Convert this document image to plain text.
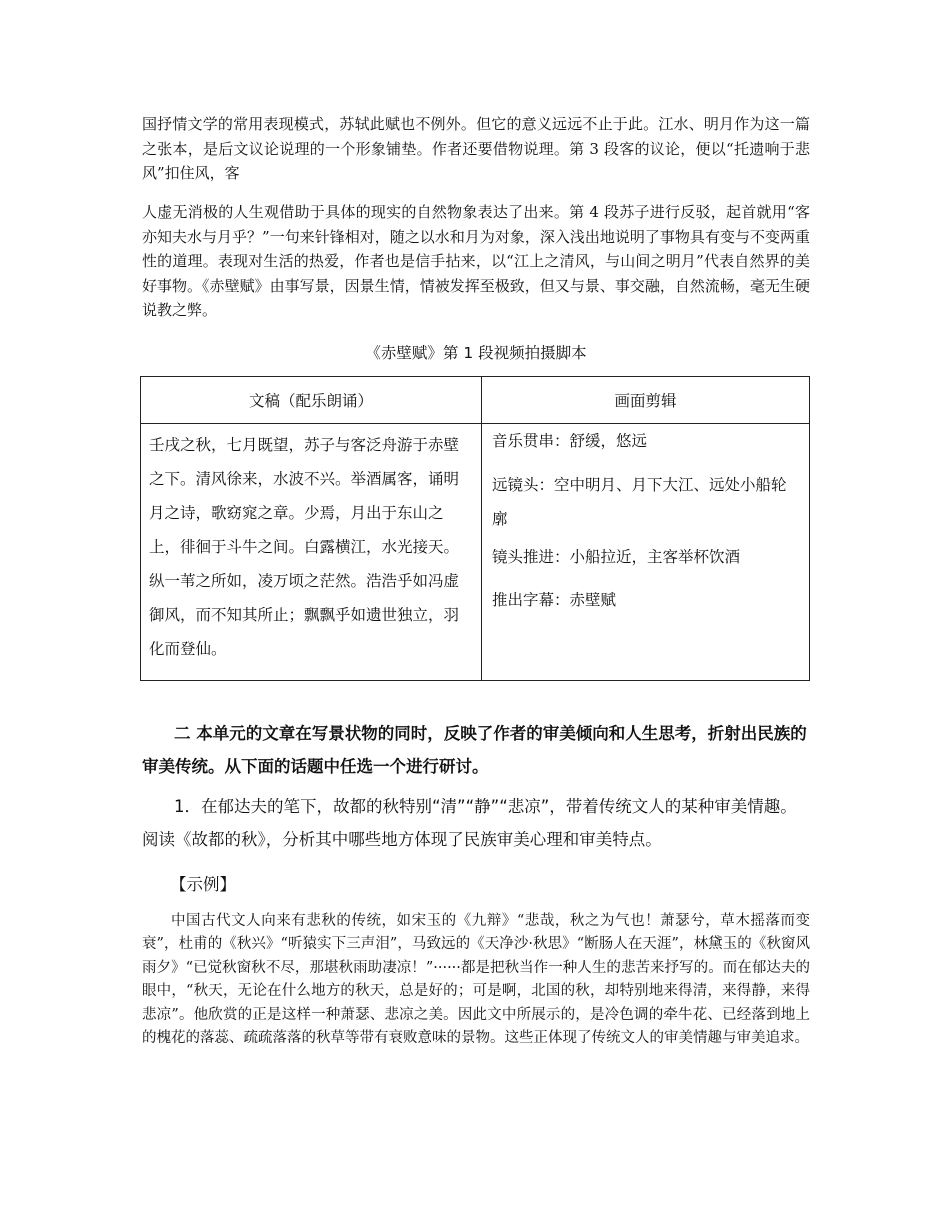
国抒情文学的常用表现模式，苏轼此赋也不例外。但它的意义远远不止于此。江水、明月作为这一篇之张本，是后文议论说理的一个形象铺垫。作者还要借物说理。第 3 段客的议论，便以“托遗响于悲风”扣住风，客

人虚无消极的人生观借助于具体的现实的自然物象表达了出来。第 4 段苏子进行反驳，起首就用“客亦知夫水与月乎？”一句来针锋相对，随之以水和月为对象，深入浅出地说明了事物具有变与不变两重性的道理。表现对生活的热爱，作者也是信手拈来，以“江上之清风，与山间之明月”代表自然界的美好事物。《赤壁赋》由事写景，因景生情，情被发挥至极致，但又与景、事交融，自然流畅，毫无生硬说教之弊。

《赤壁赋》第 1 段视频拍摄脚本
文稿（配乐朗诵）	画面剪辑
壬戌之秋，七月既望，苏子与客泛舟游于赤壁之下。清风徐来，水波不兴。举酒属客，诵明月之诗，歌窈窕之章。少焉，月出于东山之上，徘徊于斗牛之间。白露横江，水光接天。纵一苇之所如，凌万顷之茫然。浩浩乎如冯虚御风，而不知其所止；飘飘乎如遗世独立，羽化而登仙。	音乐贯串：舒缓，悠远
远镜头：空中明月、月下大江、远处小船轮廓
镜头推进：小船拉近，主客举杯饮酒
推出字幕：赤壁赋

二 本单元的文章在写景状物的同时，反映了作者的审美倾向和人生思考，折射出民族的审美传统。从下面的话题中任选一个进行研讨。

1．在郁达夫的笔下，故都的秋特别“清”“静”“悲凉”，带着传统文人的某种审美情趣。阅读《故都的秋》，分析其中哪些地方体现了民族审美心理和审美特点。

【示例】

中国古代文人向来有悲秋的传统，如宋玉的《九辩》“悲哉，秋之为气也！萧瑟兮，草木摇落而变衰”，杜甫的《秋兴》“听猿实下三声泪”，马致远的《天净沙·秋思》“断肠人在天涯”，林黛玉的《秋窗风雨夕》“已觉秋窗秋不尽，那堪秋雨助凄凉！”······都是把秋当作一种人生的悲苦来抒写的。而在郁达夫的眼中，“秋天，无论在什么地方的秋天，总是好的；可是啊，北国的秋，却特别地来得清，来得静，来得悲凉”。他欣赏的正是这样一种萧瑟、悲凉之美。因此文中所展示的，是冷色调的牵牛花、已经落到地上的槐花的落蕊、疏疏落落的秋草等带有衰败意味的景物。这些正体现了传统文人的审美情趣与审美追求。
